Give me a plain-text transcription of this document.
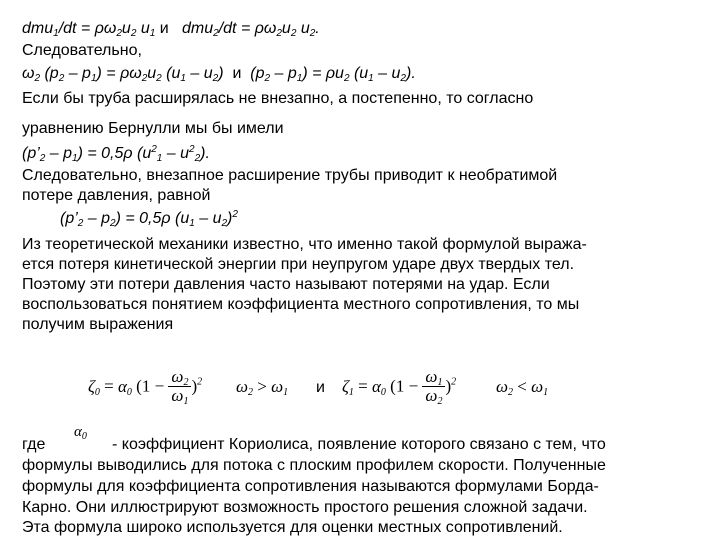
$dmu_1/dt = \rho\omega_2u_2$ $u_1$ и $dmu_2/dt = \rho\omega_2u_2$ $u_2$.
Следовательно,
$\omega_2$ $(p_2 - p_1) = \rho\omega_2u_2$ $(u_1 - u_2)$  и  $(p_2 - p_1) = \rho u_2$ $(u_1 - u_2)$.
Если бы труба расширялась не внезапно, а постепенно, то согласно
уравнению Бернулли мы бы имели
$(p’_2 - p_1) = 0,5\rho$ $(u^2_1 - u^2_2)$.
Следовательно, внезапное расширение трубы приводит к необратимой
потере давления, равной
$(p’_2 - p_2) = 0,5\rho$ $(u_1 - u_2)^2$
Из теоретической механики известно, что именно такой формулой выража-
ется потеря кинетической энергии при неупругом ударе двух твердых тел.
Поэтому эти потери давления часто называют потерями на удар. Если
воспользоваться понятием коэффициента местного сопротивления, то мы
получим выражения
$\zeta_0 = \alpha_0$ $(1 - \frac{\omega_2}{\omega_1} )^2$ $\omega_2 > \omega_1$ и $\zeta_1 = \alpha_0$ $(1 - \frac{\omega_1}{\omega_2} )^2$ $\omega_2 < \omega_1$
где
$\alpha_0$ - коэффициент Кориолиса, появление которого связано с тем, что
формулы выводились для потока с плоским профилем скорости. Полученные
формулы для коэффициента сопротивления называются формулами Борда-
Карно. Они иллюстрируют возможность простого решения сложной задачи.
Эта формула широко используется для оценки местных сопротивлений.
